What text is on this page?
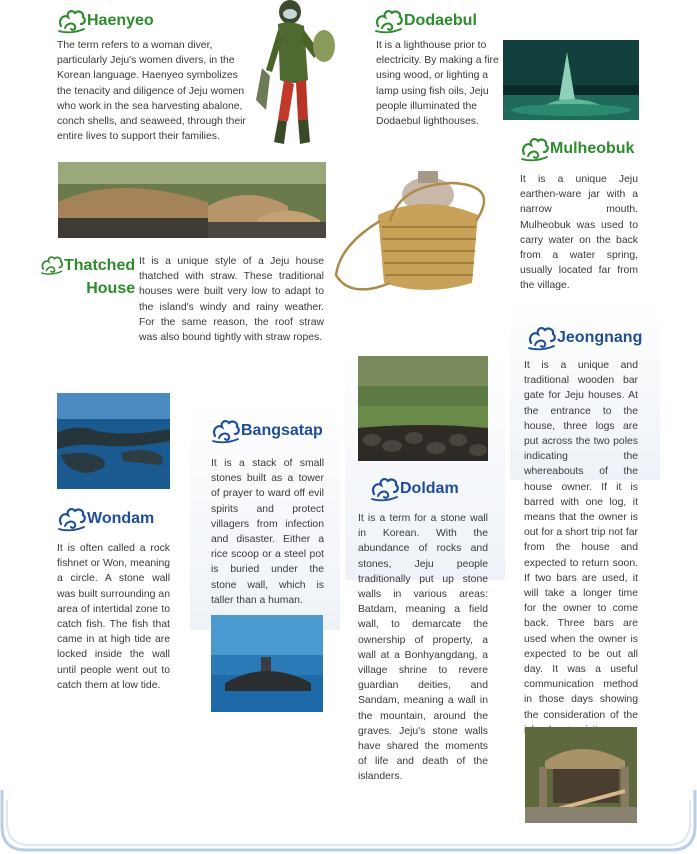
Haenyeo
The term refers to a woman diver, particularly Jeju's women divers, in the Korean language. Haenyeo symbolizes the tenacity and diligence of Jeju women who work in the sea harvesting abalone, conch shells, and seaweed, through their entire lives to support their families.
Dodaebul
It is a lighthouse prior to electricity. By making a fire using wood, or lighting a lamp using fish oils, Jeju people illuminated the Dodaebul lighthouses.
Mulheobuk
It is a unique Jeju earthen-ware jar with a narrow mouth. Mulheobuk was used to carry water on the back from a water spring, usually located far from the village.
Thatched
House
It is a unique style of a Jeju house thatched with straw. These traditional houses were built very low to adapt to the island's windy and rainy weather. For the same reason, the roof straw was also bound tightly with straw ropes.	Jeongnang
It is a unique and traditional wooden bar gate for Jeju houses. At the entrance to the house, three logs are put across the two poles indicating the whereabouts of the house owner. If it is barred with one log, it means that the owner is out for a short trip not far from the house and expected to return soon. If two bars are used, it will take a longer time for the owner to come back. Three bars are used when the owner is expected to be out all day. It was a useful communication method in those days showing the consideration of the
Doldam
It is a term for a stone wall in Korean. With the abundance of rocks and stones, Jeju people traditionally put up stone walls in various areas: Batdam, meaning a field wall, to demarcate the ownership of property, a wall at a Bonhyangdang, a village shrine to revere guardian deities, and Sandam, meaning a wall in the mountain, around the graves. Jeju's stone walls have shared the moments of life and death of the islanders.
Bangsatap
It is a stack of small stones built as a tower of prayer to ward off evil spirits and protect villagers from infection and disaster. Either a rice scoop or a steel pot is buried under the stone wall, which is taller than a human.
Wondam
It is often called a rock fishnet or Won, meaning a circle. A stone wall was built surrounding an area of intertidal zone to catch fish. The fish that came in at high tide are locked inside the wall until people went out to catch them at low tide.
